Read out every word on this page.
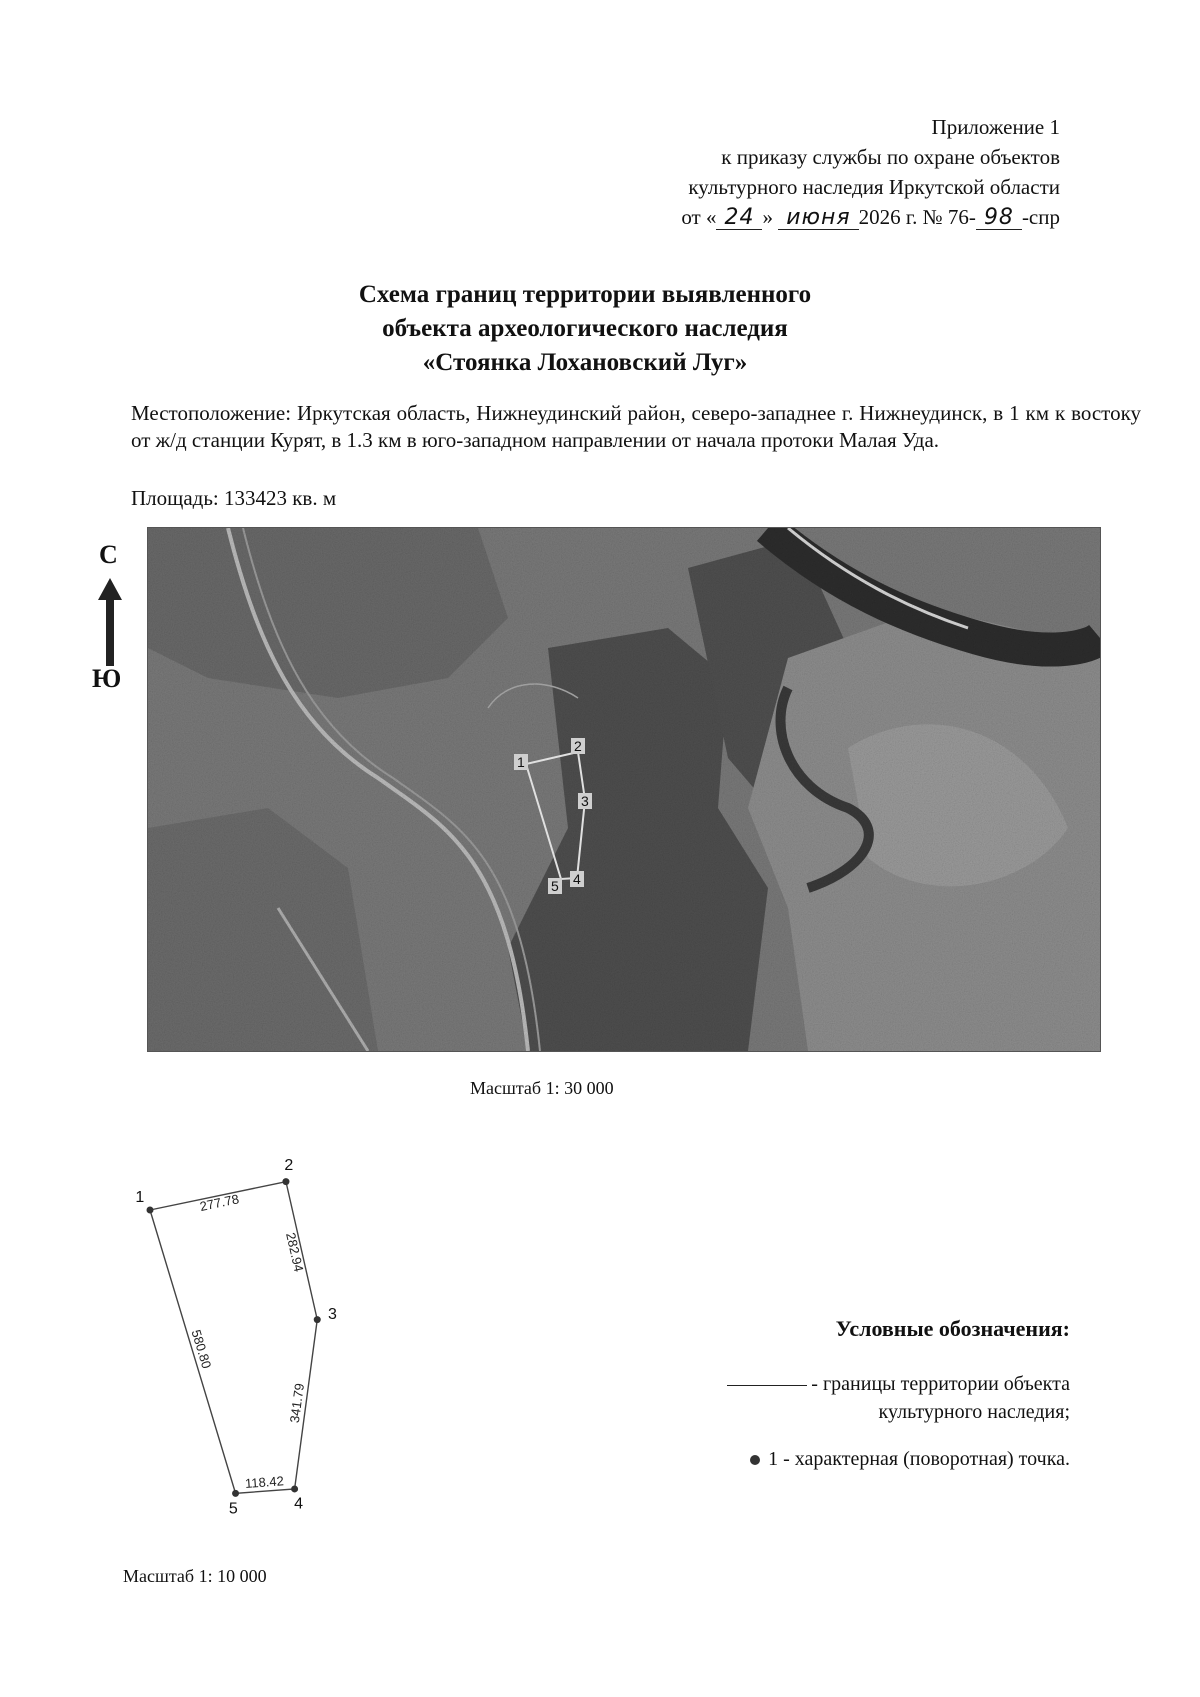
Приложение 1
к приказу службы по охране объектов
культурного наследия Иркутской области
от « 24 » июня 2026 г. № 76- 98 -спр
Схема границ территории выявленного
объекта археологического наследия
«Стоянка Лохановский Луг»
Местоположение: Иркутская область, Нижнеудинский район, северо-западнее г. Нижнеудинск, в 1 км к востоку от ж/д станции Курят, в 1.3 км в юго-западном направлении от начала протоки Малая Уда.
Площадь: 133423 кв. м
С
Ю
1
2
3
4
5
Масштаб 1: 30 000
277.78
282.94
341.79
118.42
580.80
1
2
3
4
5
Масштаб 1: 10 000
Условные обозначения:
- границы территории объекта
культурного наследия;
1 - характерная (поворотная) точка.
